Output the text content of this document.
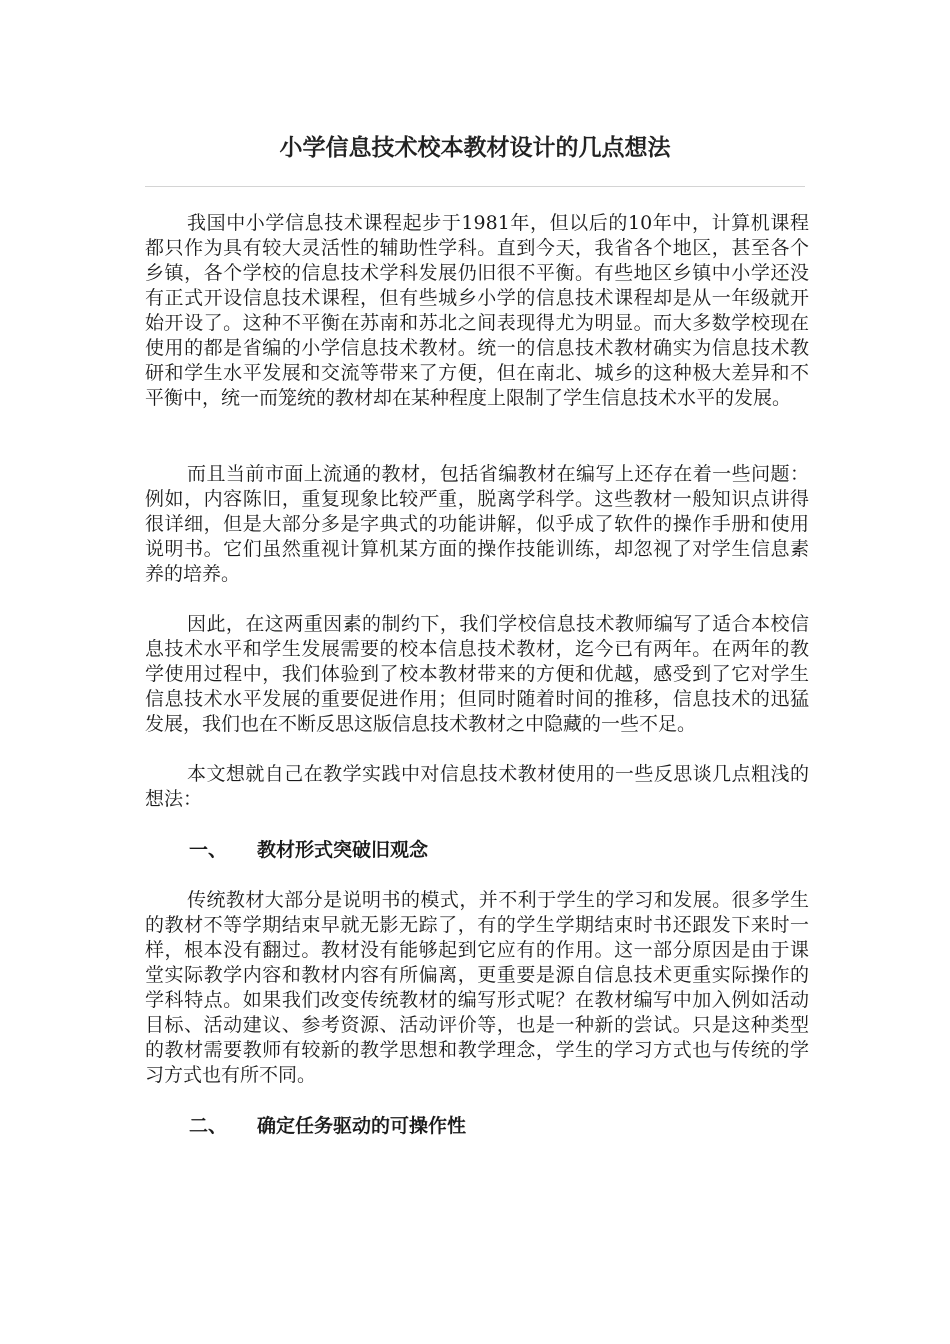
小学信息技术校本教材设计的几点想法

我国中小学信息技术课程起步于1981年，但以后的10年中，计算机课程都只作为具有较大灵活性的辅助性学科。直到今天，我省各个地区，甚至各个乡镇，各个学校的信息技术学科发展仍旧很不平衡。有些地区乡镇中小学还没有正式开设信息技术课程，但有些城乡小学的信息技术课程却是从一年级就开始开设了。这种不平衡在苏南和苏北之间表现得尤为明显。而大多数学校现在使用的都是省编的小学信息技术教材。统一的信息技术教材确实为信息技术教研和学生水平发展和交流等带来了方便，但在南北、城乡的这种极大差异和不平衡中，统一而笼统的教材却在某种程度上限制了学生信息技术水平的发展。

而且当前市面上流通的教材，包括省编教材在编写上还存在着一些问题：例如，内容陈旧，重复现象比较严重，脱离学科学。这些教材一般知识点讲得很详细，但是大部分多是字典式的功能讲解，似乎成了软件的操作手册和使用说明书。它们虽然重视计算机某方面的操作技能训练，却忽视了对学生信息素养的培养。

因此，在这两重因素的制约下，我们学校信息技术教师编写了适合本校信息技术水平和学生发展需要的校本信息技术教材，迄今已有两年。在两年的教学使用过程中，我们体验到了校本教材带来的方便和优越，感受到了它对学生信息技术水平发展的重要促进作用；但同时随着时间的推移，信息技术的迅猛发展，我们也在不断反思这版信息技术教材之中隐藏的一些不足。

本文想就自己在教学实践中对信息技术教材使用的一些反思谈几点粗浅的想法：

一、 教材形式突破旧观念

传统教材大部分是说明书的模式，并不利于学生的学习和发展。很多学生的教材不等学期结束早就无影无踪了，有的学生学期结束时书还跟发下来时一样，根本没有翻过。教材没有能够起到它应有的作用。这一部分原因是由于课堂实际教学内容和教材内容有所偏离，更重要是源自信息技术更重实际操作的学科特点。如果我们改变传统教材的编写形式呢？在教材编写中加入例如活动目标、活动建议、参考资源、活动评价等，也是一种新的尝试。只是这种类型的教材需要教师有较新的教学思想和教学理念，学生的学习方式也与传统的学习方式也有所不同。

二、 确定任务驱动的可操作性
